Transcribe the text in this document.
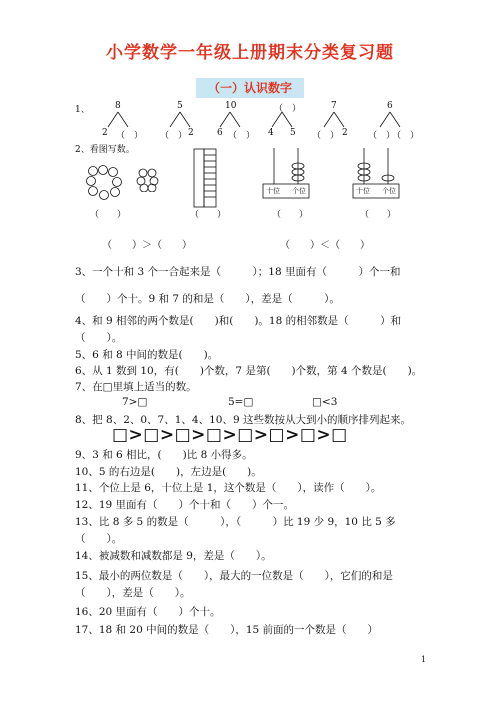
小学数学一年级上册期末分类复习题
（一）认识数字
1、	8
2 （　）
5
（　） 2
10
6 （　）
（　）
4 5
7
（　） 2
6
（　）
（　）
2、看图写数。
十位 个位	十位 个位
（　　）	（　　）	（　　）	（　　）
（　　）＞（　　）	（　　）＜（　　）
3、一个十和 3 个一合起来是（　　　）；18 里面有（　　　）个一和
（　　）个十。9 和 7 的和是（　　），差是（　　　）。
4、和 9 相邻的两个数是(　　)和(　　)。18 的相邻数是（　　　）和
（　　）。
5、6 和 8 中间的数是(　　)。
6、从 1 数到 10，有(　　)个数，7 是第(　　)个数，第 4 个数是(　　)。
7、在□里填上适当的数。
7>□	5=□	□<3
8、把 8、2、0、7、1、4、10、9 这些数按从大到小的顺序排列起来。
□>□>□>□>□>□>□>□
9、3 和 6 相比，(　　)比 8 小得多。
10、5 的右边是(　　)，左边是(　　)。
11、个位上是 6，十位上是 1，这个数是（　　），读作（　　）。
12、19 里面有（　　）个十和（　　）个一。
13、比 8 多 5 的数是（　　　），（　　　）比 19 少 9，10 比 5 多
（　　）。
14、被减数和减数都是 9，差是（　　）。
15、最小的两位数是（　　），最大的一位数是（　　），它们的和是
（　　），差是（　　）。
16、20 里面有（　　）个十。
17、18 和 20 中间的数是（　　），15 前面的一个数是（　　）
1
